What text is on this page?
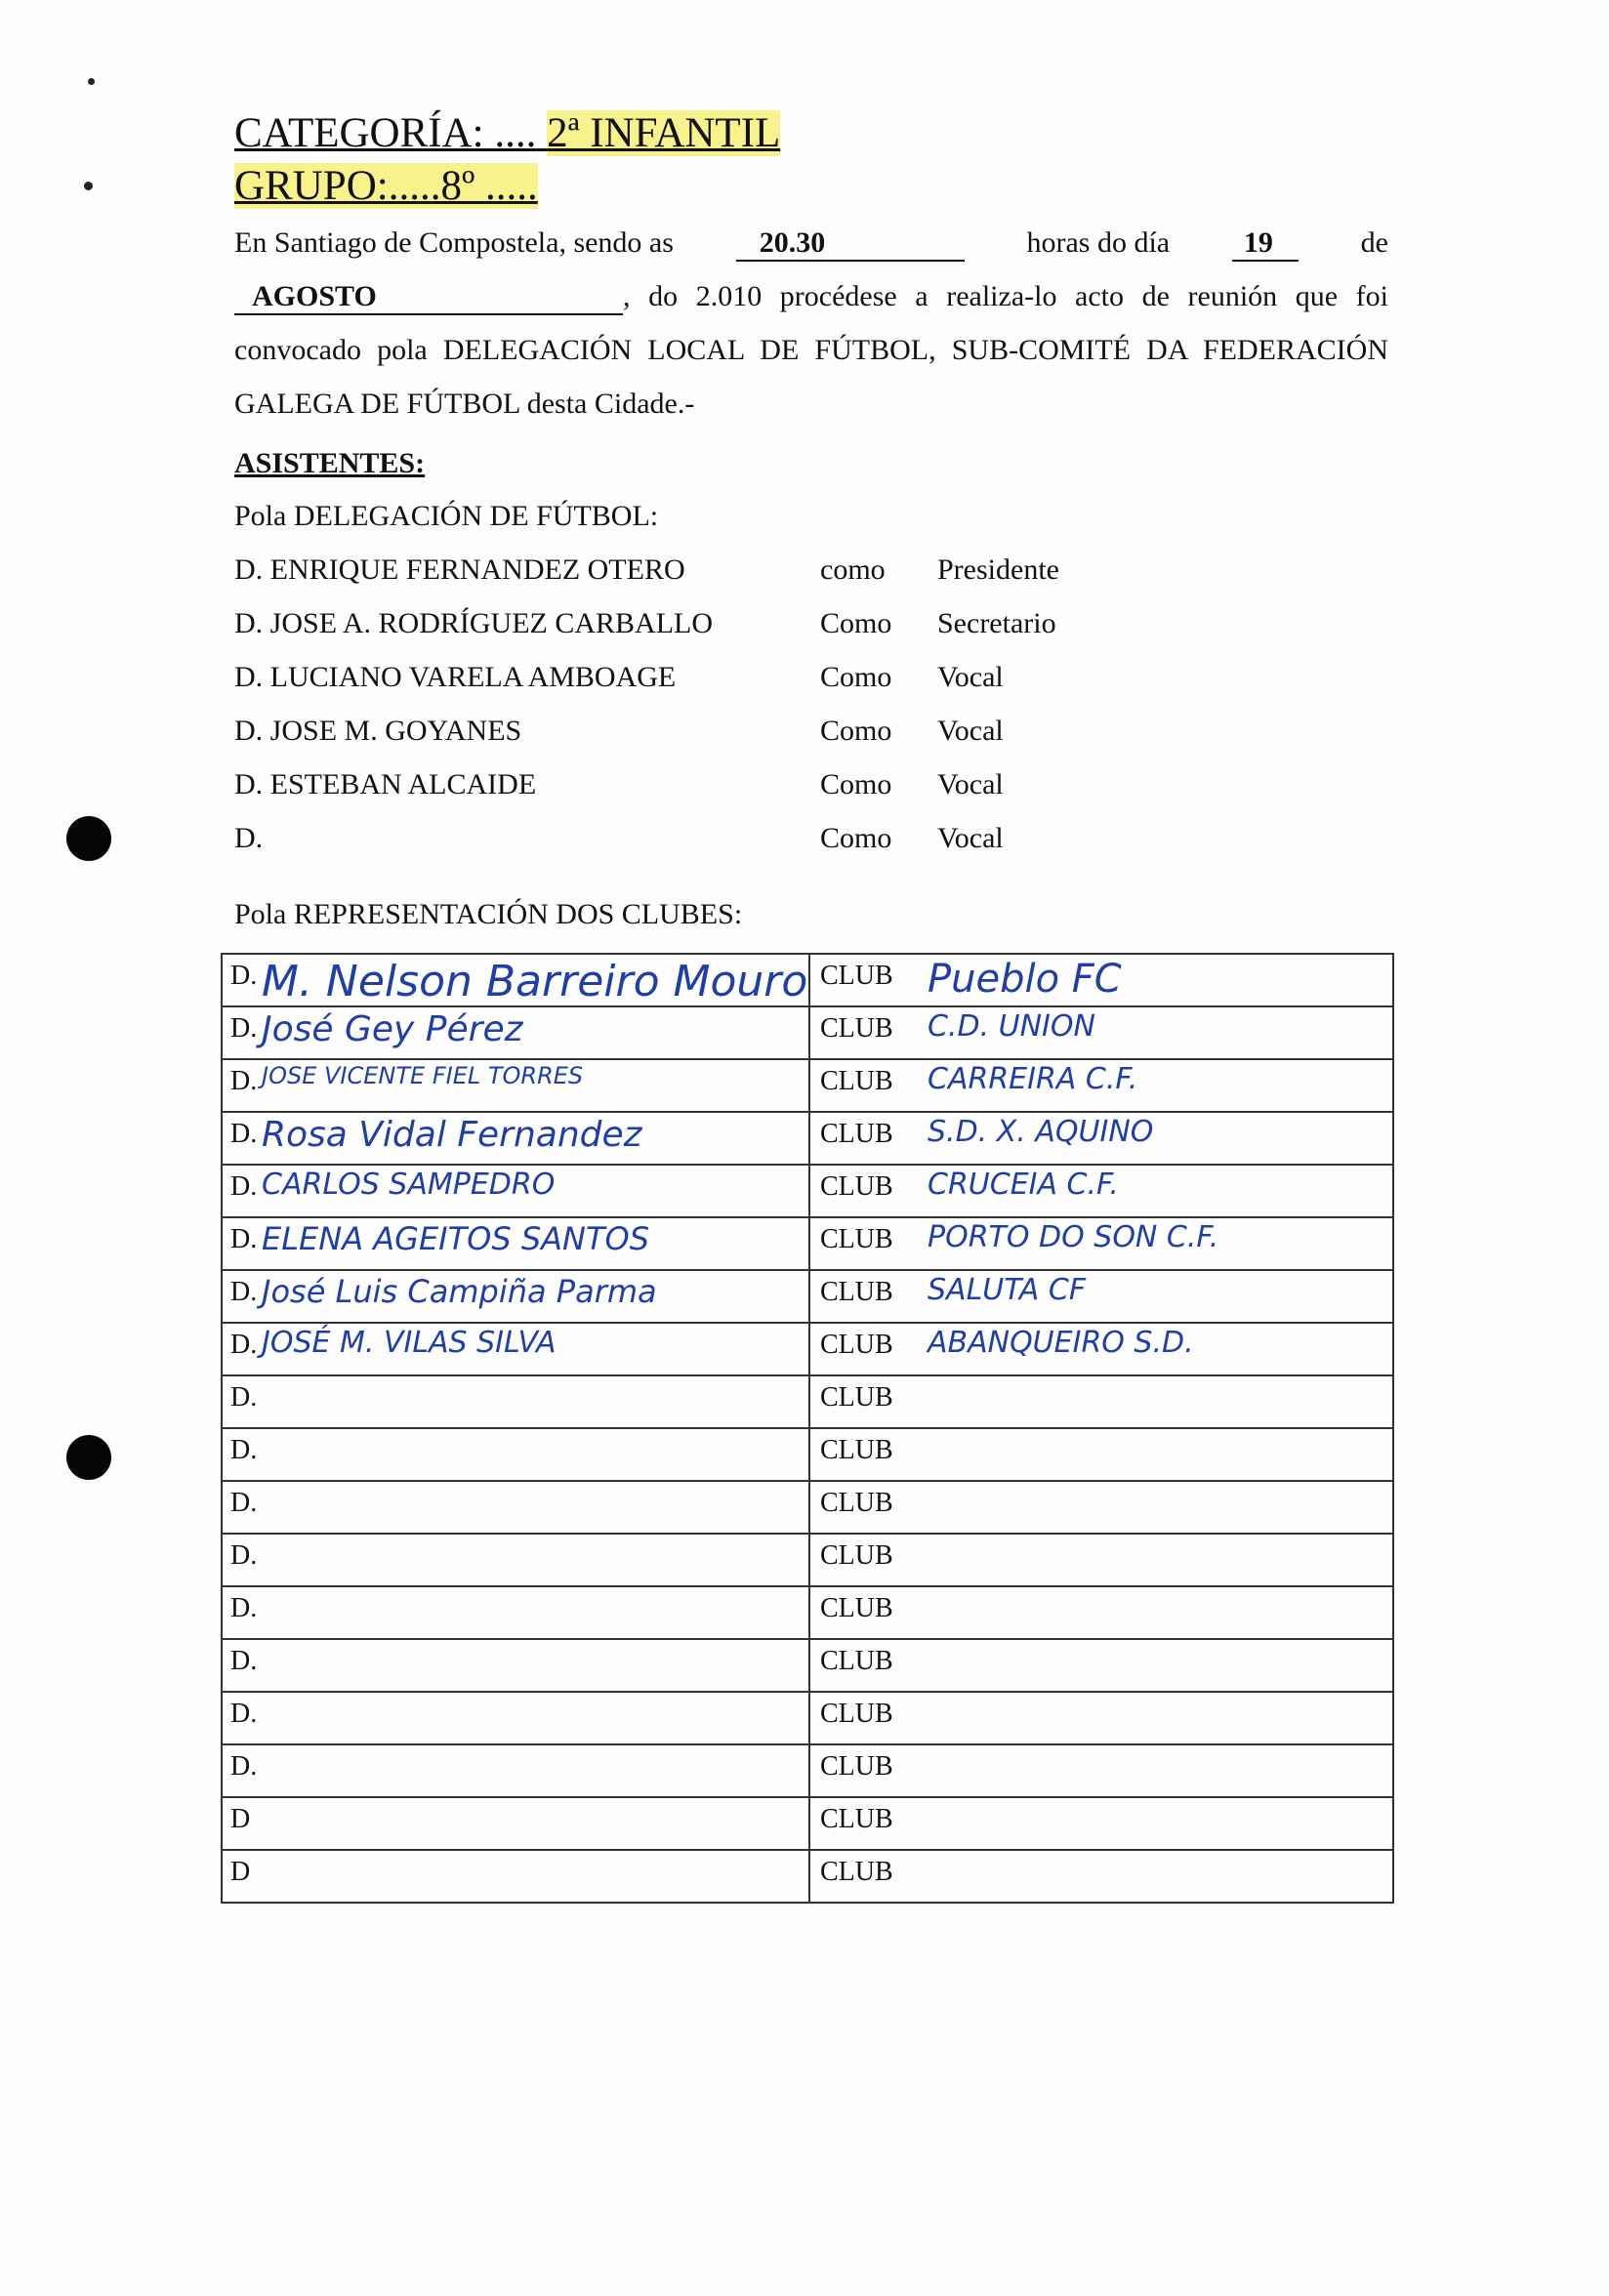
CATEGORÍA: .... 2ª INFANTIL
GRUPO:.....8º .....
En Santiago de Compostela, sendo as	20.30	horas do día	19	de
AGOSTO	, do 2.010 procédese a realiza-lo acto de reunión que foi
convocado pola DELEGACIÓN LOCAL DE FÚTBOL, SUB-COMITÉ DA FEDERACIÓN
GALEGA DE FÚTBOL desta Cidade.-
ASISTENTES:
Pola DELEGACIÓN DE FÚTBOL:
D. ENRIQUE FERNANDEZ OTERO	como Presidente
D. JOSE A. RODRÍGUEZ CARBALLO	Como Secretario
D. LUCIANO VARELA AMBOAGE	Como Vocal
D. JOSE M. GOYANES	Como Vocal
D. ESTEBAN ALCAIDE	Como Vocal
D.	Como Vocal
Pola REPRESENTACIÓN DOS CLUBES:
D. M. Nelson Barreiro Mouro	CLUB Pueblo FC

D. José Gey Pérez	CLUB C.D. UNION

D. JOSE VICENTE FIEL TORRES	CLUB CARREIRA C.F.

D. Rosa Vidal Fernandez	CLUB S.D. X. AQUINO

D. CARLOS SAMPEDRO	CLUB CRUCEIA C.F.

D. ELENA AGEITOS SANTOS	CLUB PORTO DO SON C.F.

D. José Luis Campiña Parma	CLUB SALUTA CF

D. JOSÉ M. VILAS SILVA	CLUB ABANQUEIRO S.D.

D.	CLUB

D.	CLUB

D.	CLUB

D.	CLUB

D.	CLUB

D.	CLUB

D.	CLUB

D.	CLUB

D	CLUB

D	CLUB
